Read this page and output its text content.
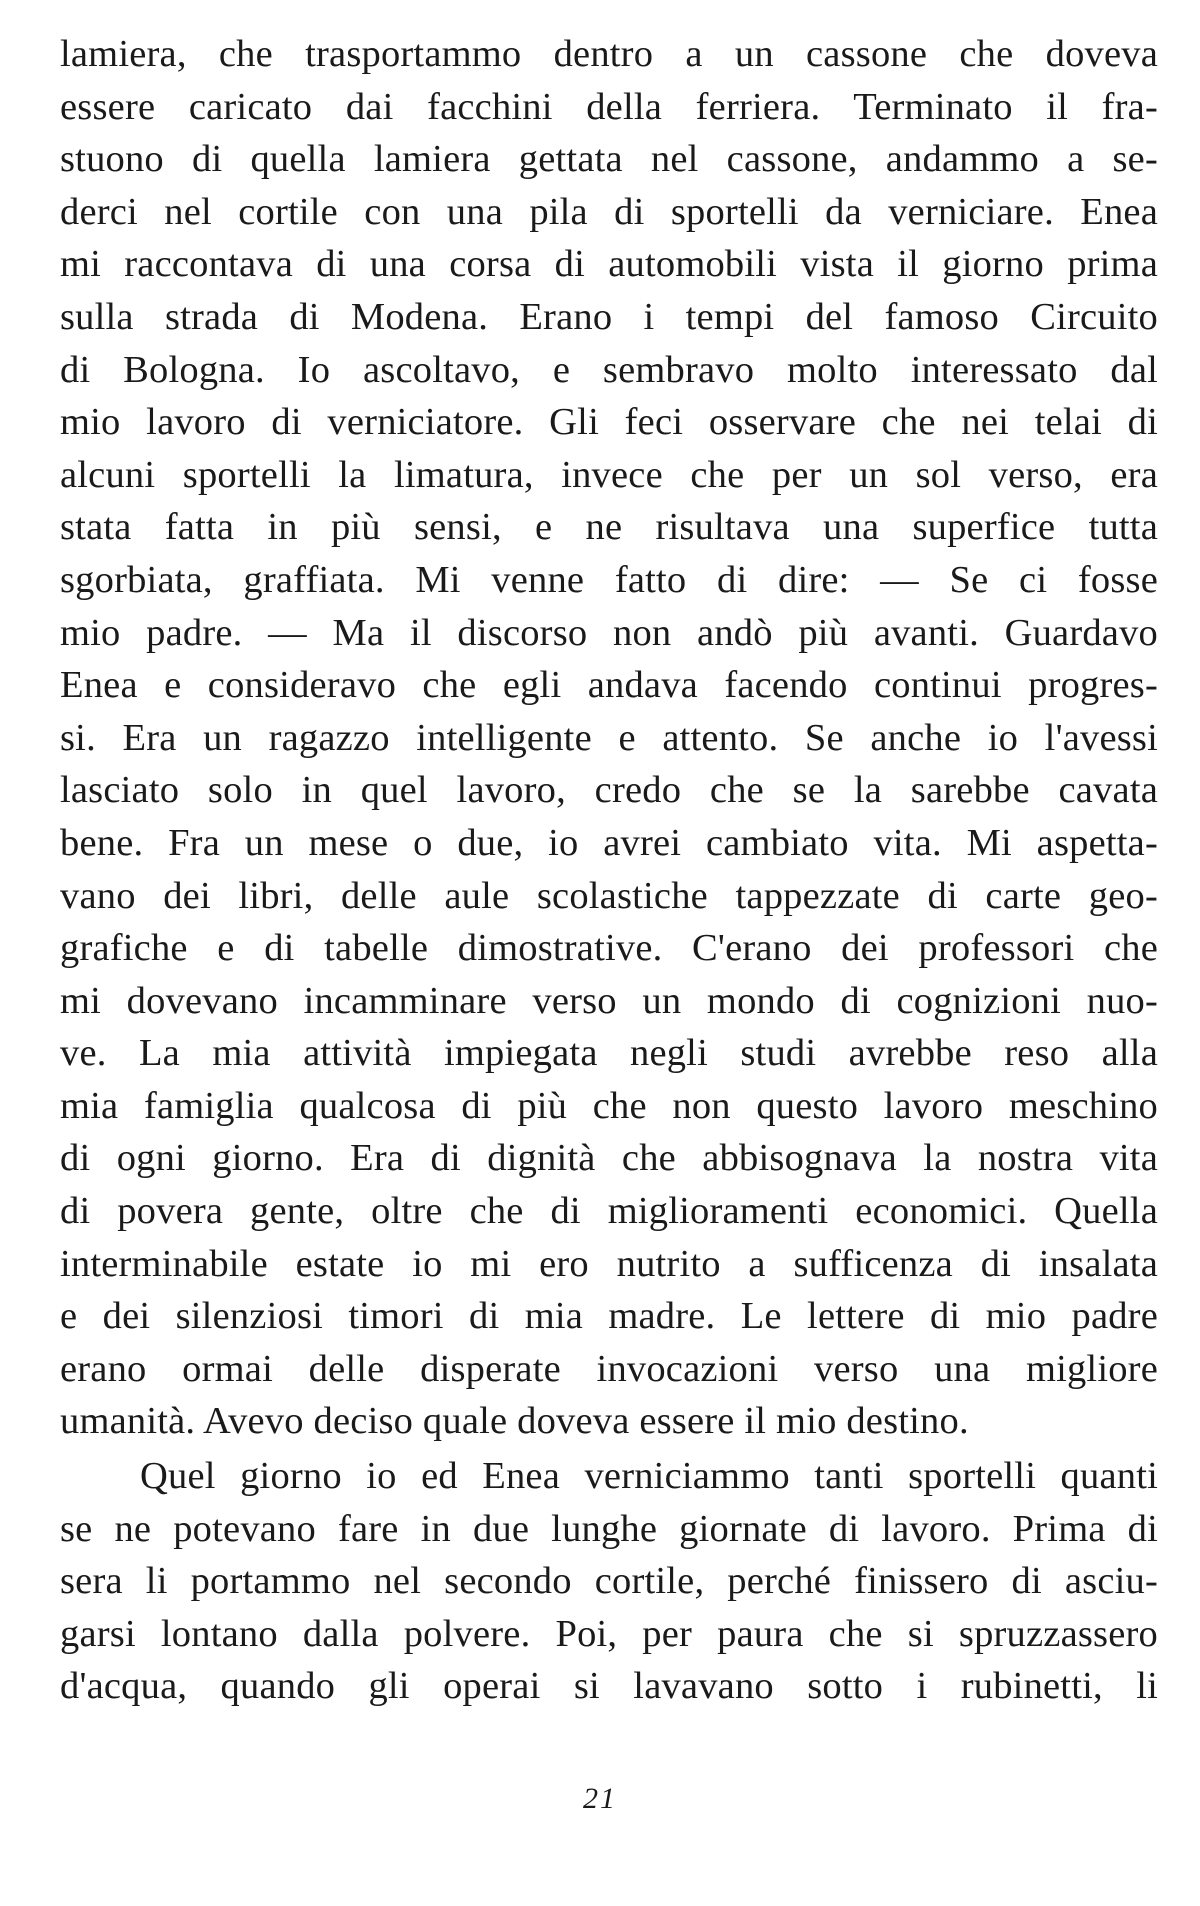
lamiera, che trasportammo dentro a un cassone che doveva
essere caricato dai facchini della ferriera. Terminato il fra-
stuono di quella lamiera gettata nel cassone, andammo a se-
derci nel cortile con una pila di sportelli da verniciare. Enea
mi raccontava di una corsa di automobili vista il giorno prima
sulla strada di Modena. Erano i tempi del famoso Circuito
di Bologna. Io ascoltavo, e sembravo molto interessato dal
mio lavoro di verniciatore. Gli feci osservare che nei telai di
alcuni sportelli la limatura, invece che per un sol verso, era
stata fatta in più sensi, e ne risultava una superfice tutta
sgorbiata, graffiata. Mi venne fatto di dire: — Se ci fosse
mio padre. — Ma il discorso non andò più avanti. Guardavo
Enea e consideravo che egli andava facendo continui progres-
si. Era un ragazzo intelligente e attento. Se anche io l'avessi
lasciato solo in quel lavoro, credo che se la sarebbe cavata
bene. Fra un mese o due, io avrei cambiato vita. Mi aspetta-
vano dei libri, delle aule scolastiche tappezzate di carte geo-
grafiche e di tabelle dimostrative. C'erano dei professori che
mi dovevano incamminare verso un mondo di cognizioni nuo-
ve. La mia attività impiegata negli studi avrebbe reso alla
mia famiglia qualcosa di più che non questo lavoro meschino
di ogni giorno. Era di dignità che abbisognava la nostra vita
di povera gente, oltre che di miglioramenti economici. Quella
interminabile estate io mi ero nutrito a sufficenza di insalata
e dei silenziosi timori di mia madre. Le lettere di mio padre
erano ormai delle disperate invocazioni verso una migliore
umanità. Avevo deciso quale doveva essere il mio destino.
Quel giorno io ed Enea verniciammo tanti sportelli quanti
se ne potevano fare in due lunghe giornate di lavoro. Prima di
sera li portammo nel secondo cortile, perché finissero di asciu-
garsi lontano dalla polvere. Poi, per paura che si spruzzassero
d'acqua, quando gli operai si lavavano sotto i rubinetti, li
21
